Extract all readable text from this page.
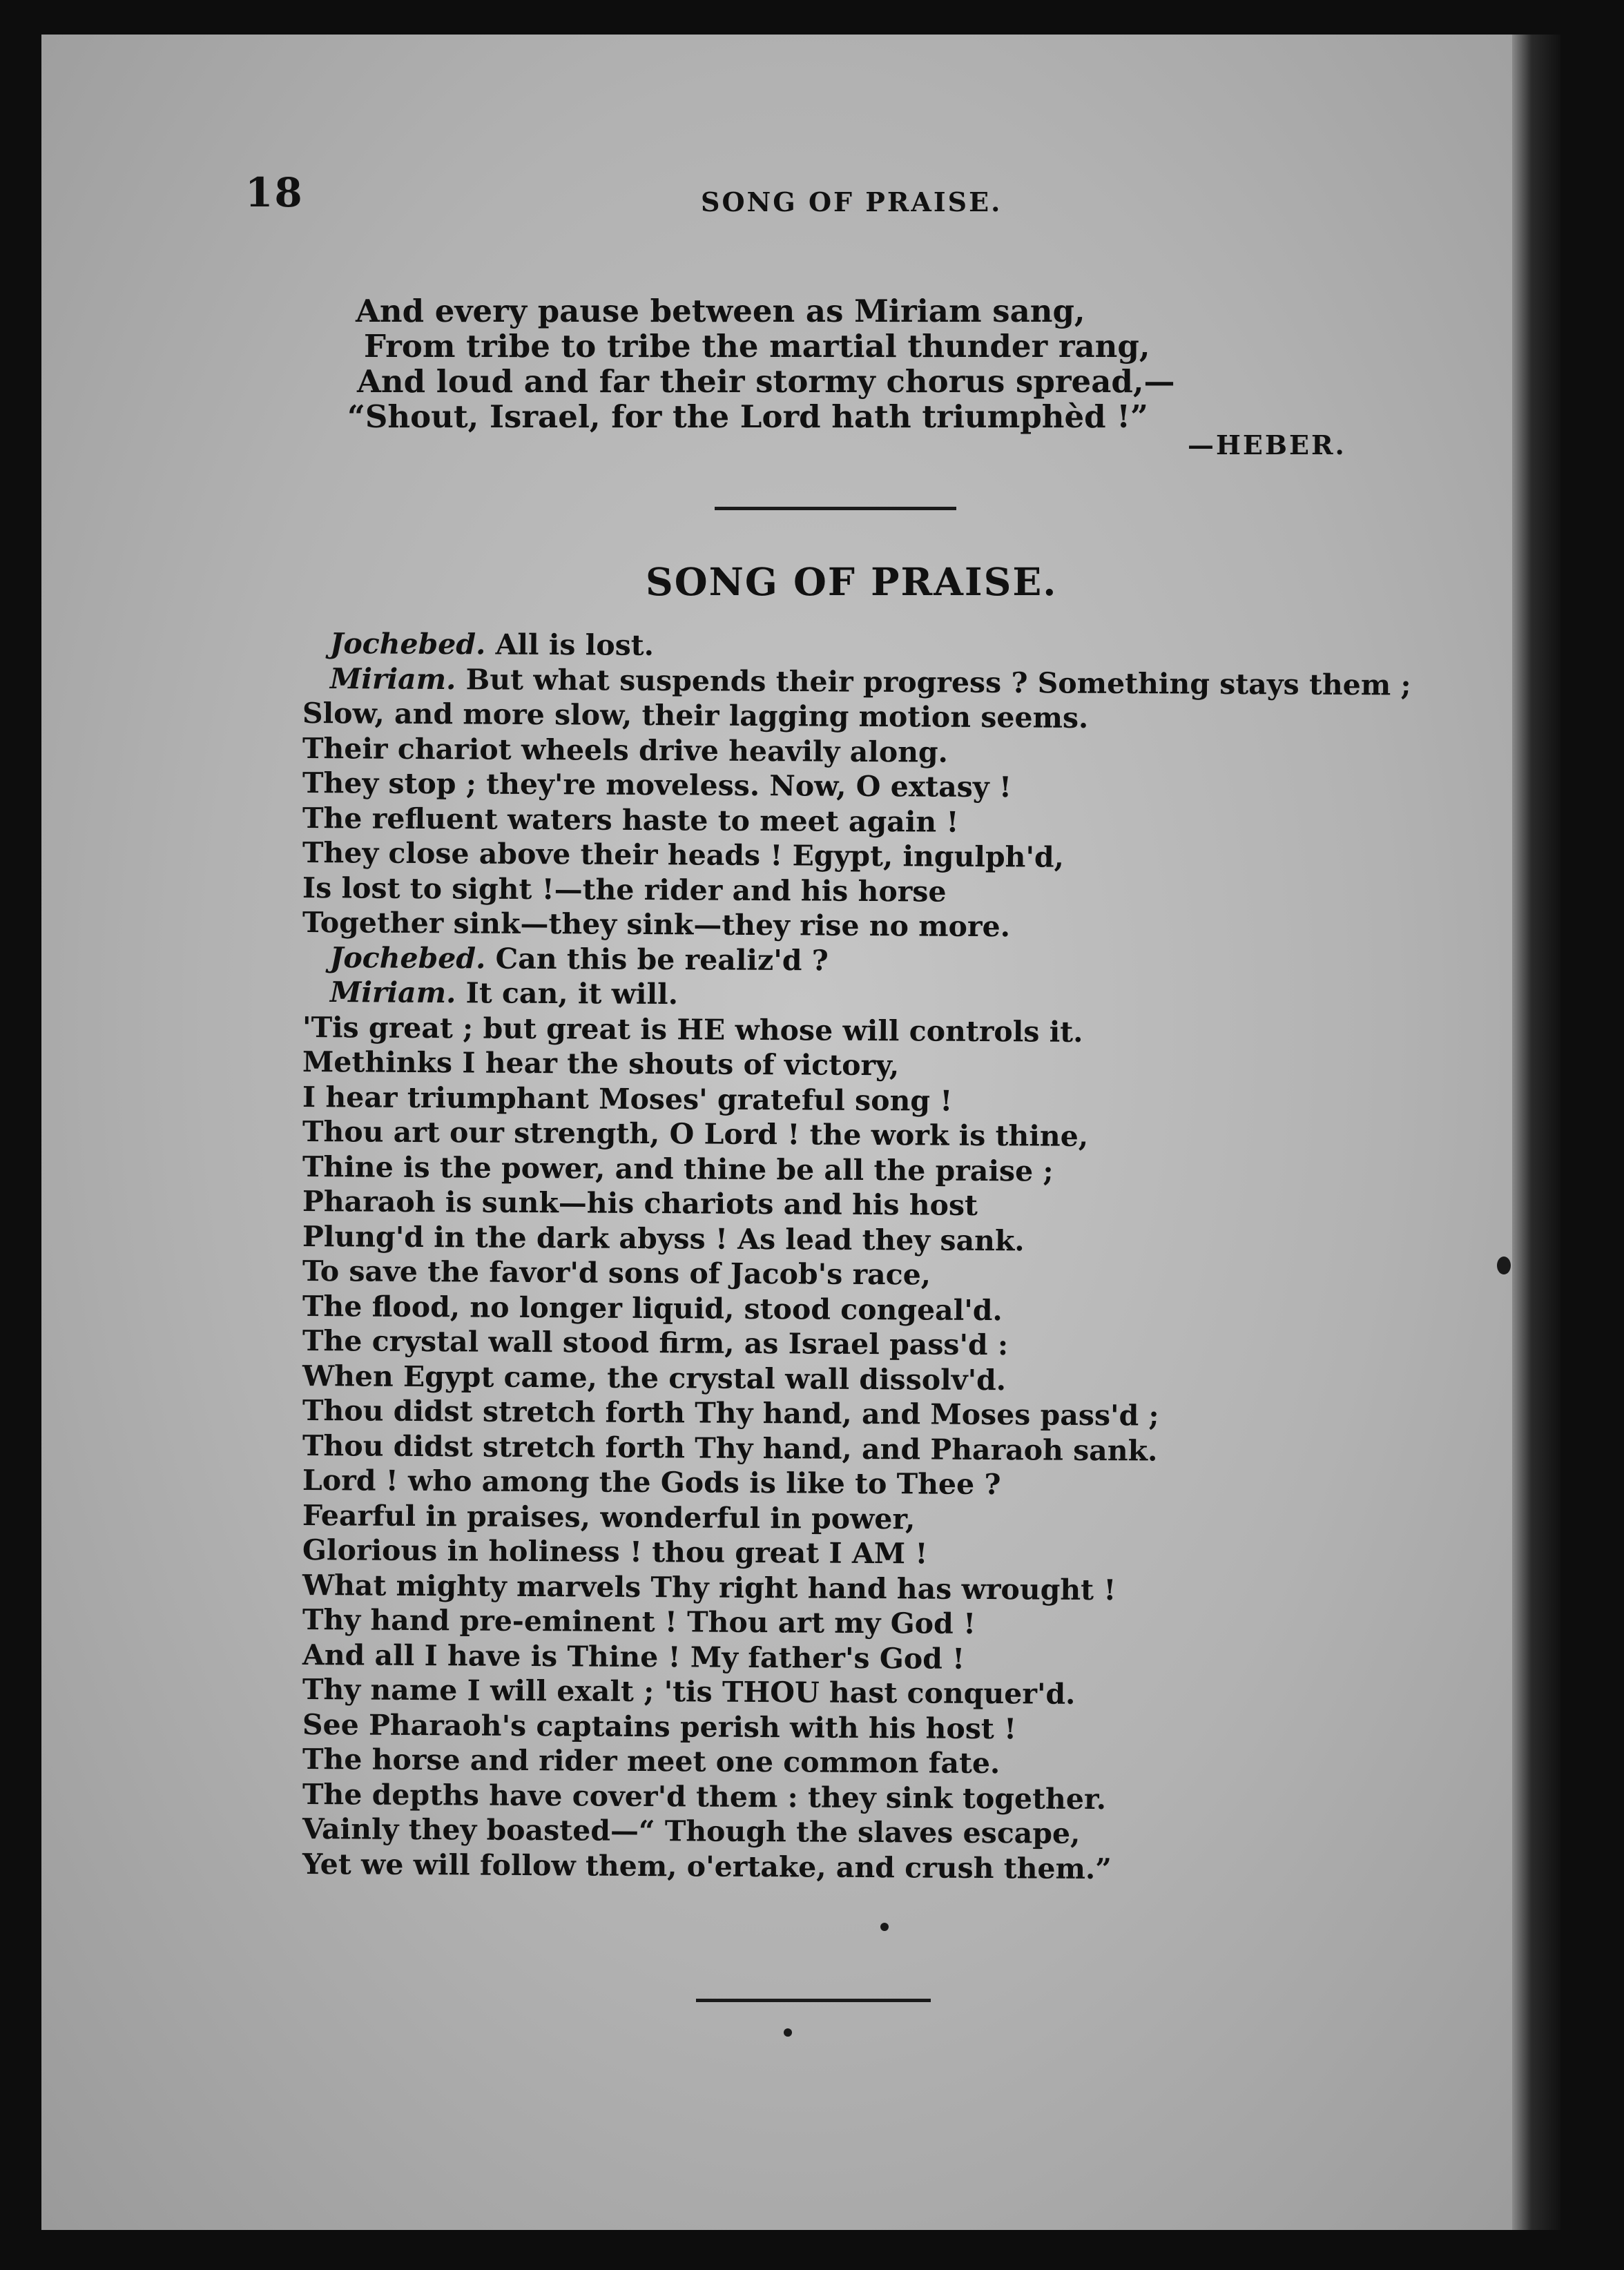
18	SONG OF PRAISE.
And every pause between as Miriam sang,
From tribe to tribe the martial thunder rang,
And loud and far their stormy chorus spread,—
“Shout, Israel, for the Lord hath triumphèd !”
—HEBER.
SONG OF PRAISE.
Jochebed. All is lost.
Miriam. But what suspends their progress ? Something stays them ;
Slow, and more slow, their lagging motion seems.
Their chariot wheels drive heavily along.
They stop ; they're moveless. Now, O extasy !
The refluent waters haste to meet again !
They close above their heads ! Egypt, ingulph'd,
Is lost to sight !—the rider and his horse
Together sink—they sink—they rise no more.
Jochebed. Can this be realiz'd ?
Miriam. It can, it will.
'Tis great ; but great is HE whose will controls it.
Methinks I hear the shouts of victory,
I hear triumphant Moses' grateful song !
Thou art our strength, O Lord ! the work is thine,
Thine is the power, and thine be all the praise ;
Pharaoh is sunk—his chariots and his host
Plung'd in the dark abyss ! As lead they sank.
To save the favor'd sons of Jacob's race,
The flood, no longer liquid, stood congeal'd.
The crystal wall stood firm, as Israel pass'd :
When Egypt came, the crystal wall dissolv'd.
Thou didst stretch forth Thy hand, and Moses pass'd ;
Thou didst stretch forth Thy hand, and Pharaoh sank.
Lord ! who among the Gods is like to Thee ?
Fearful in praises, wonderful in power,
Glorious in holiness ! thou great I AM !
What mighty marvels Thy right hand has wrought !
Thy hand pre-eminent ! Thou art my God !
And all I have is Thine ! My father's God !
Thy name I will exalt ; 'tis THOU hast conquer'd.
See Pharaoh's captains perish with his host !
The horse and rider meet one common fate.
The depths have cover'd them : they sink together.
Vainly they boasted—“ Though the slaves escape,
Yet we will follow them, o'ertake, and crush them.”
